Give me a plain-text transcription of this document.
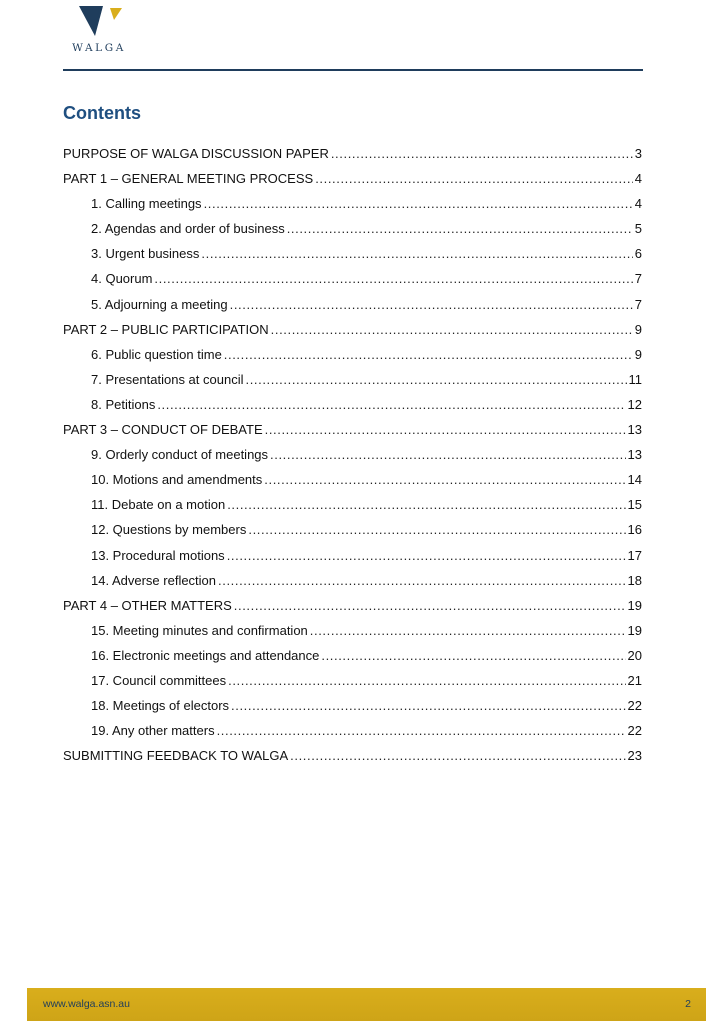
WALGA
Contents
PURPOSE OF WALGA DISCUSSION PAPER .....	3
PART 1 – GENERAL MEETING PROCESS .....	4
1. Calling meetings .....	4
2. Agendas and order of business .....	5
3. Urgent business .....	6
4. Quorum .....	7
5. Adjourning a meeting .....	7
PART 2 – PUBLIC PARTICIPATION .....	9
6. Public question time .....	9
7. Presentations at council .....	11
8. Petitions .....	12
PART 3 – CONDUCT OF DEBATE .....	13
9. Orderly conduct of meetings .....	13
10. Motions and amendments .....	14
11. Debate on a motion .....	15
12. Questions by members .....	16
13. Procedural motions .....	17
14. Adverse reflection .....	18
PART 4 – OTHER MATTERS .....	19
15. Meeting minutes and confirmation .....	19
16. Electronic meetings and attendance .....	20
17. Council committees .....	21
18. Meetings of electors .....	22
19. Any other matters .....	22
SUBMITTING FEEDBACK TO WALGA .....	23
www.walga.asn.au	2
